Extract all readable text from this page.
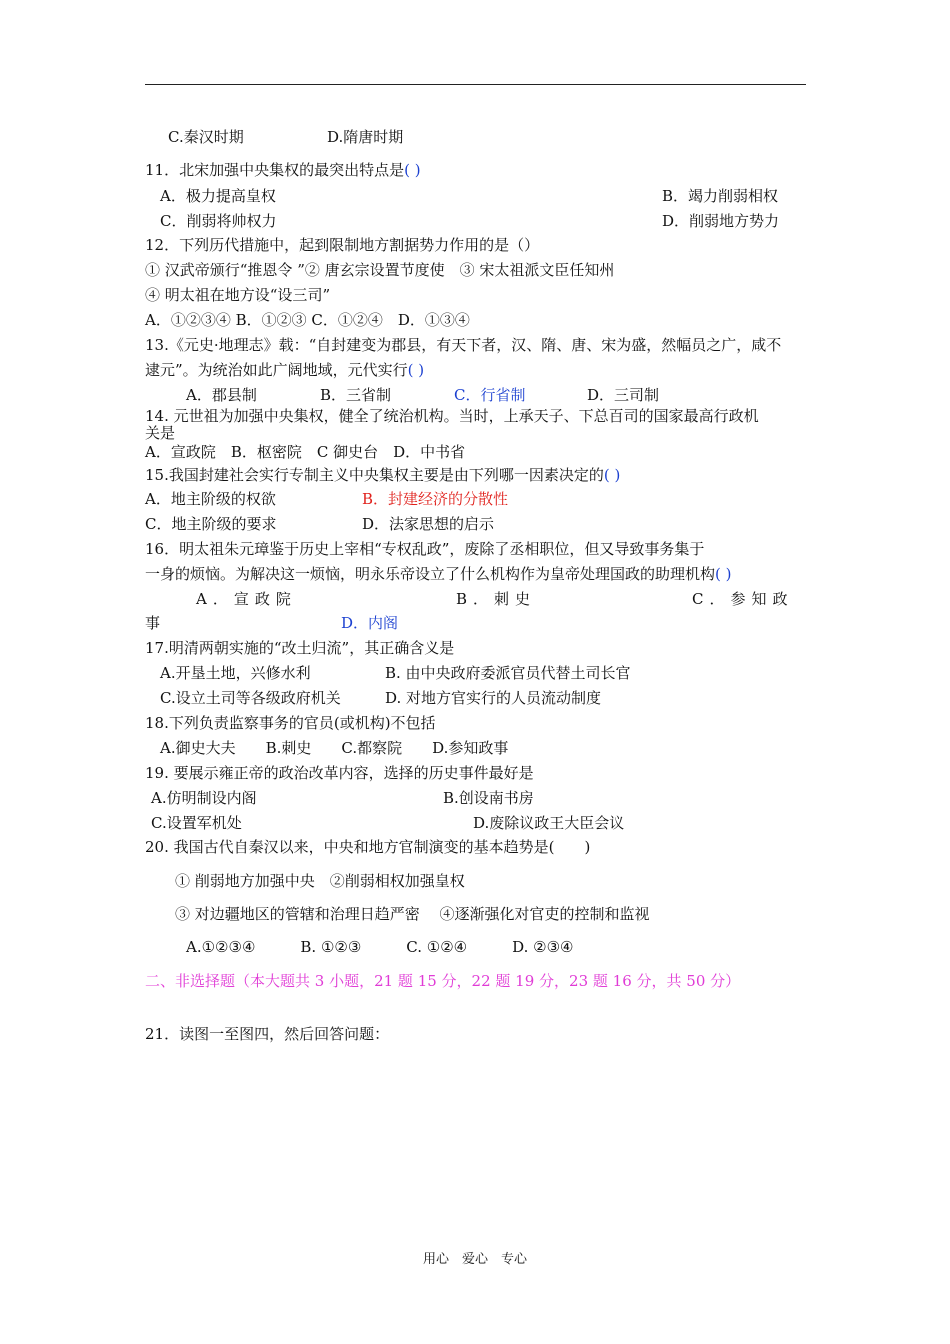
C.秦汉时期	D.隋唐时期
11．北宋加强中央集权的最突出特点是( )
A．极力提高皇权	B．竭力削弱相权
C．削弱将帅权力	D．削弱地方势力
12．下列历代措施中，起到限制地方割据势力作用的是（）
① 汉武帝颁行“推恩令 ”② 唐玄宗设置节度使　③ 宋太祖派文臣任知州
④ 明太祖在地方设“设三司”
A．①②③④ B．①②③ C．①②④　D．①③④
13.《元史·地理志》载：“自封建变为郡县，有天下者，汉、隋、唐、宋为盛，然幅员之广，咸不
逮元”。为统治如此广阔地域，元代实行( )
A．郡县制	B．三省制	C．行省制	D．三司制
14. 元世祖为加强中央集权，健全了统治机构。当时，上承天子、下总百司的国家最高行政机
关是
A．宣政院　B．枢密院　C 御史台　D．中书省
15.我国封建社会实行专制主义中央集权主要是由下列哪一因素决定的( )
A．地主阶级的权欲	B．封建经济的分散性
C．地主阶级的要求	D．法家思想的启示
16．明太祖朱元璋鉴于历史上宰相“专权乱政”，废除了丞相职位，但又导致事务集于
一身的烦恼。为解决这一烦恼，明永乐帝设立了什么机构作为皇帝处理国政的助理机构( )
A．宣政院	B．刺史	C．参知政
事	D．内阁
17.明清两朝实施的“改土归流”，其正确含义是
A.开垦土地，兴修水利	B. 由中央政府委派官员代替土司长官
C.设立土司等各级政府机关	D. 对地方官实行的人员流动制度
18.下列负责监察事务的官员(或机构)不包括
A.御史大夫　　B.刺史　　C.都察院　　D.参知政事
19. 要展示雍正帝的政治改革内容，选择的历史事件最好是
A.仿明制设内阁	B.创设南书房
C.设置军机处	D.废除议政王大臣会议
20. 我国古代自秦汉以来，中央和地方官制演变的基本趋势是(　　)
① 削弱地方加强中央　②削弱相权加强皇权
③ 对边疆地区的管辖和治理日趋严密　 ④逐渐强化对官吏的控制和监视
A.①②③④　　　B. ①②③　　　C. ①②④　　　D. ②③④
二、非选择题（本大题共 3 小题，21 题 15 分，22 题 19 分，23 题 16 分，共 50 分）
21．读图一至图四，然后回答问题：
用心　爱心　专心
